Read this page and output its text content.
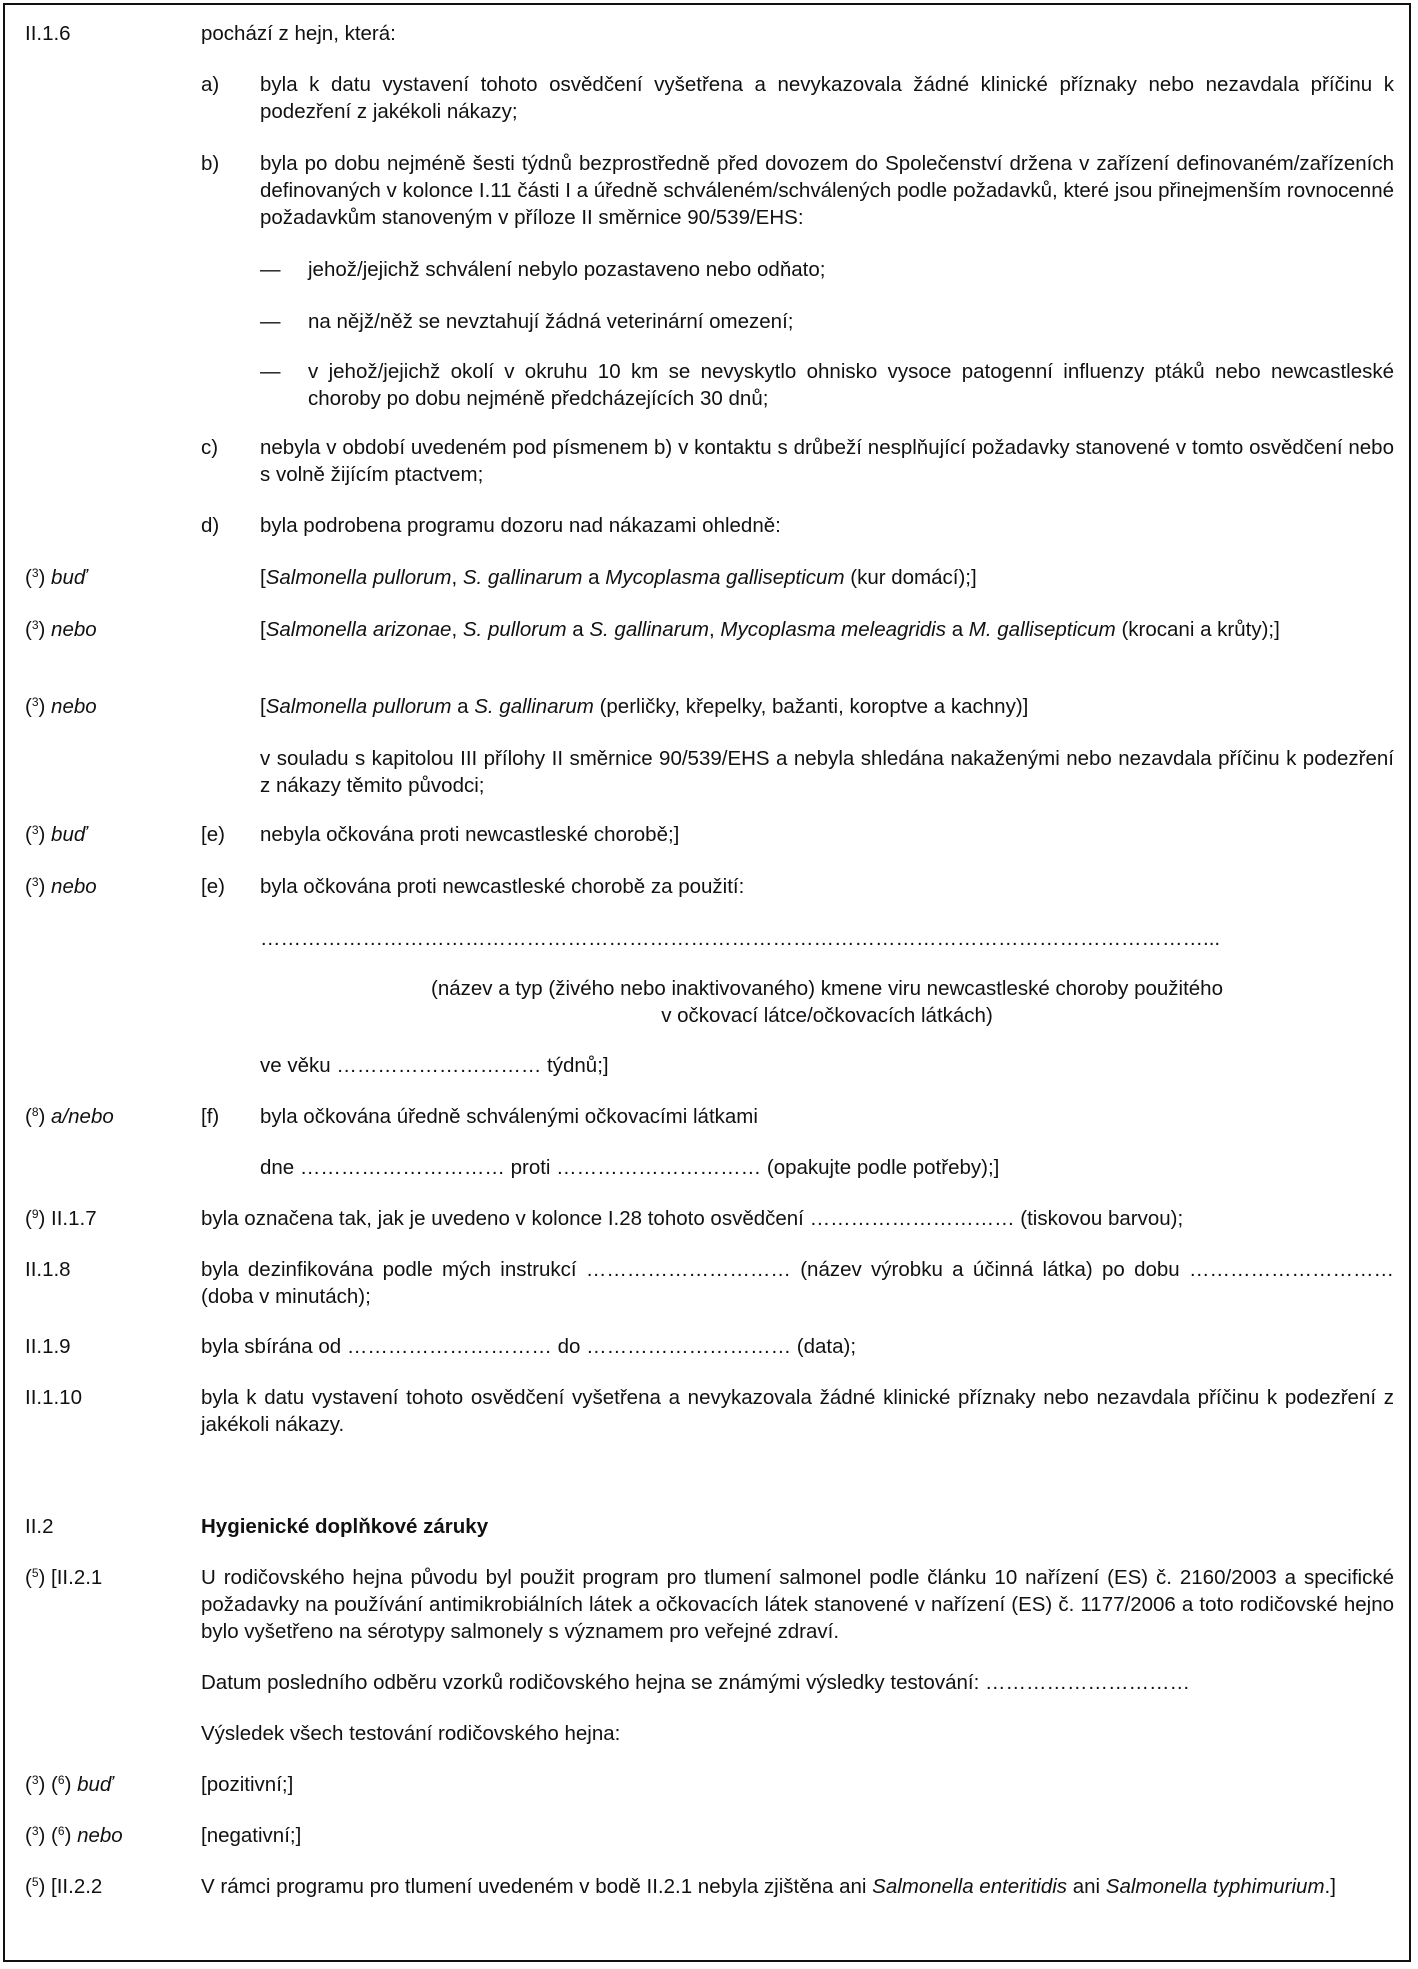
II.1.6	pochází z hejn, která:
a) byla k datu vystavení tohoto osvědčení vyšetřena a nevykazovala žádné klinické příznaky nebo nezavdala příčinu k podezření z jakékoli nákazy;
b) byla po dobu nejméně šesti týdnů bezprostředně před dovozem do Společenství držena v zařízení definovaném/zařízeních definovaných v kolonce I.11 části I a úředně schváleném/schválených podle požadavků, které jsou přinejmenším rovnocenné požadavkům stanoveným v příloze II směrnice 90/539/EHS:
— jehož/jejichž schválení nebylo pozastaveno nebo odňato;
— na nějž/něž se nevztahují žádná veterinární omezení;
— v jehož/jejichž okolí v okruhu 10 km se nevyskytlo ohnisko vysoce patogenní influenzy ptáků nebo newcastleské choroby po dobu nejméně předcházejících 30 dnů;
c) nebyla v období uvedeném pod písmenem b) v kontaktu s drůbeží nesplňující požadavky stanovené v tomto osvědčení nebo s volně žijícím ptactvem;
d) byla podrobena programu dozoru nad nákazami ohledně:
($^3$) buď	[Salmonella pullorum, S. gallinarum a Mycoplasma gallisepticum (kur domácí);]
($^3$) nebo	[Salmonella arizonae, S. pullorum a S. gallinarum, Mycoplasma meleagridis a M. gallisepticum (krocani a krůty);]
($^3$) nebo	[Salmonella pullorum a S. gallinarum (perličky, křepelky, bažanti, koroptve a kachny)]
v souladu s kapitolou III přílohy II směrnice 90/539/EHS a nebyla shledána nakaženými nebo nezavdala příčinu k podezření z nákazy těmito původci;
($^3$) buď	[e) nebyla očkována proti newcastleské chorobě;]
($^3$) nebo	[e) byla očkována proti newcastleské chorobě za použití:
…………………………………………………………………………………………………………………………...
(název a typ (živého nebo inaktivovaného) kmene viru newcastleské choroby použitého
v očkovací látce/očkovacích látkách)
ve věku ………………………… týdnů;]
($^8$) a/nebo	[f) byla očkována úředně schválenými očkovacími látkami
dne ………………………… proti ………………………… (opakujte podle potřeby);]
($^9$) II.1.7	byla označena tak, jak je uvedeno v kolonce I.28 tohoto osvědčení ………………………… (tiskovou barvou);
II.1.8	byla dezinfikována podle mých instrukcí ………………………… (název výrobku a účinná látka) po dobu ………………………… (doba v minutách);
II.1.9	byla sbírána od ………………………… do ………………………… (data);
II.1.10	byla k datu vystavení tohoto osvědčení vyšetřena a nevykazovala žádné klinické příznaky nebo nezavdala příčinu k podezření z jakékoli nákazy.
II.2	Hygienické doplňkové záruky
($^5$) [II.2.1	U rodičovského hejna původu byl použit program pro tlumení salmonel podle článku 10 nařízení (ES) č. 2160/2003 a specifické požadavky na používání antimikrobiálních látek a očkovacích látek stanovené v nařízení (ES) č. 1177/2006 a toto rodičovské hejno bylo vyšetřeno na sérotypy salmonely s významem pro veřejné zdraví.
Datum posledního odběru vzorků rodičovského hejna se známými výsledky testování: …………………………
Výsledek všech testování rodičovského hejna:
($^3$) ($^6$) buď	[pozitivní;]
($^3$) ($^6$) nebo	[negativní;]
($^5$) [II.2.2	V rámci programu pro tlumení uvedeném v bodě II.2.1 nebyla zjištěna ani Salmonella enteritidis ani Salmonella typhimurium.]
